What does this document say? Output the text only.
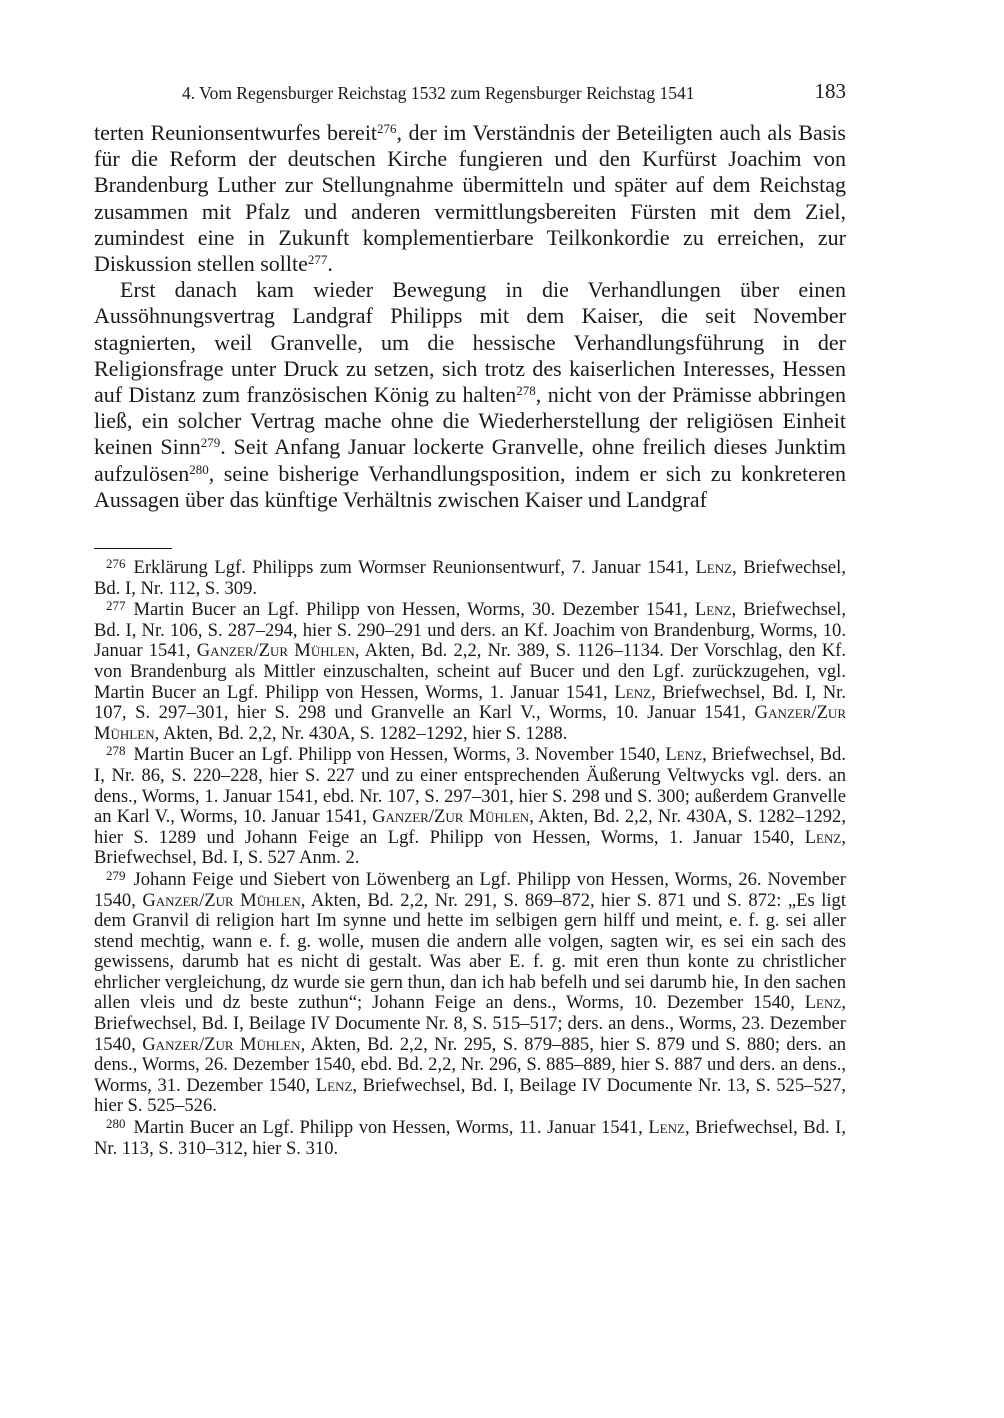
4. Vom Regensburger Reichstag 1532 zum Regensburger Reichstag 1541	183

terten Reunionsentwurfes bereit$^{276}$, der im Verständnis der Beteiligten auch als Basis für die Reform der deutschen Kirche fungieren und den Kurfürst Joachim von Brandenburg Luther zur Stellungnahme übermitteln und später auf dem Reichstag zusammen mit Pfalz und anderen vermittlungsbereiten Fürsten mit dem Ziel, zumindest eine in Zukunft komplementierbare Teilkonkordie zu erreichen, zur Diskussion stellen sollte$^{277}$.

Erst danach kam wieder Bewegung in die Verhandlungen über einen Aussöhnungsvertrag Landgraf Philipps mit dem Kaiser, die seit November stagnierten, weil Granvelle, um die hessische Verhandlungsführung in der Religionsfrage unter Druck zu setzen, sich trotz des kaiserlichen Interesses, Hessen auf Distanz zum französischen König zu halten$^{278}$, nicht von der Prämisse abbringen ließ, ein solcher Vertrag mache ohne die Wiederherstellung der religiösen Einheit keinen Sinn$^{279}$. Seit Anfang Januar lockerte Granvelle, ohne freilich dieses Junktim aufzulösen$^{280}$, seine bisherige Verhandlungsposition, indem er sich zu konkreteren Aussagen über das künftige Verhältnis zwischen Kaiser und Landgraf

$^{276}$ Erklärung Lgf. Philipps zum Wormser Reunionsentwurf, 7. Januar 1541, Lenz, Briefwechsel, Bd. I, Nr. 112, S. 309.

$^{277}$ Martin Bucer an Lgf. Philipp von Hessen, Worms, 30. Dezember 1541, Lenz, Briefwechsel, Bd. I, Nr. 106, S. 287–294, hier S. 290–291 und ders. an Kf. Joachim von Brandenburg, Worms, 10. Januar 1541, Ganzer/Zur Mühlen, Akten, Bd. 2,2, Nr. 389, S. 1126–1134. Der Vorschlag, den Kf. von Brandenburg als Mittler einzuschalten, scheint auf Bucer und den Lgf. zurückzugehen, vgl. Martin Bucer an Lgf. Philipp von Hessen, Worms, 1. Januar 1541, Lenz, Briefwechsel, Bd. I, Nr. 107, S. 297–301, hier S. 298 und Granvelle an Karl V., Worms, 10. Januar 1541, Ganzer/Zur Mühlen, Akten, Bd. 2,2, Nr. 430A, S. 1282–1292, hier S. 1288.

$^{278}$ Martin Bucer an Lgf. Philipp von Hessen, Worms, 3. November 1540, Lenz, Briefwechsel, Bd. I, Nr. 86, S. 220–228, hier S. 227 und zu einer entsprechenden Äußerung Veltwycks vgl. ders. an dens., Worms, 1. Januar 1541, ebd. Nr. 107, S. 297–301, hier S. 298 und S. 300; außerdem Granvelle an Karl V., Worms, 10. Januar 1541, Ganzer/Zur Mühlen, Akten, Bd. 2,2, Nr. 430A, S. 1282–1292, hier S. 1289 und Johann Feige an Lgf. Philipp von Hessen, Worms, 1. Januar 1540, Lenz, Briefwechsel, Bd. I, S. 527 Anm. 2.

$^{279}$ Johann Feige und Siebert von Löwenberg an Lgf. Philipp von Hessen, Worms, 26. November 1540, Ganzer/Zur Mühlen, Akten, Bd. 2,2, Nr. 291, S. 869–872, hier S. 871 und S. 872: „Es ligt dem Granvil di religion hart Im synne und hette im selbigen gern hilff und meint, e. f. g. sei aller stend mechtig, wann e. f. g. wolle, musen die andern alle volgen, sagten wir, es sei ein sach des gewissens, darumb hat es nicht di gestalt. Was aber E. f. g. mit eren thun konte zu christlicher ehrlicher vergleichung, dz wurde sie gern thun, dan ich hab befelh und sei darumb hie, In den sachen allen vleis und dz beste zuthun“; Johann Feige an dens., Worms, 10. Dezember 1540, Lenz, Briefwechsel, Bd. I, Beilage IV Documente Nr. 8, S. 515–517; ders. an dens., Worms, 23. Dezember 1540, Ganzer/Zur Mühlen, Akten, Bd. 2,2, Nr. 295, S. 879–885, hier S. 879 und S. 880; ders. an dens., Worms, 26. Dezember 1540, ebd. Bd. 2,2, Nr. 296, S. 885–889, hier S. 887 und ders. an dens., Worms, 31. Dezember 1540, Lenz, Briefwechsel, Bd. I, Beilage IV Documente Nr. 13, S. 525–527, hier S. 525–526.

$^{280}$ Martin Bucer an Lgf. Philipp von Hessen, Worms, 11. Januar 1541, Lenz, Briefwechsel, Bd. I, Nr. 113, S. 310–312, hier S. 310.
